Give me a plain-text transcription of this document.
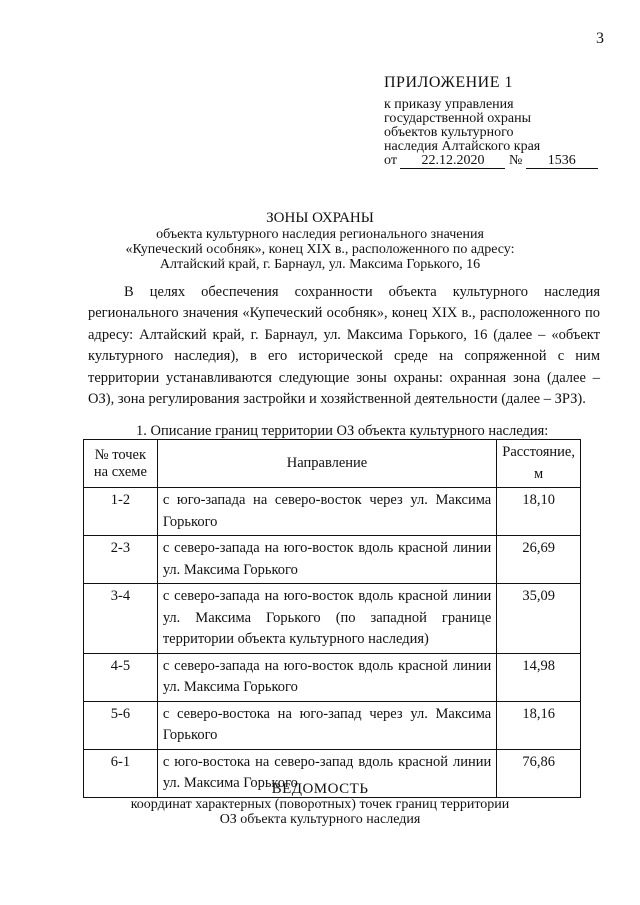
3
ПРИЛОЖЕНИЕ 1
к приказу управления
государственной охраны
объектов культурного
наследия Алтайского края
от 22.12.2020 № 1536
ЗОНЫ ОХРАНЫ
объекта культурного наследия регионального значения
«Купеческий особняк», конец XIX в., расположенного по адресу:
Алтайский край, г. Барнаул, ул. Максима Горького, 16
В целях обеспечения сохранности объекта культурного наследия регионального значения «Купеческий особняк», конец XIX в., расположенного по адресу: Алтайский край, г. Барнаул, ул. Максима Горького, 16 (далее – «объект культурного наследия), в его исторической среде на сопряженной с ним территории устанавливаются следующие зоны охраны: охранная зона (далее – ОЗ), зона регулирования застройки и хозяйственной деятельности (далее – ЗРЗ).
1. Описание границ территории ОЗ объекта культурного наследия:
№ точек на схеме	Направление	Расстояние, м
1-2	с юго-запада на северо-восток через ул. Максима Горького	18,10
2-3	с северо-запада на юго-восток вдоль красной линии ул. Максима Горького	26,69
3-4	с северо-запада на юго-восток вдоль красной линии ул. Максима Горького (по западной границе территории объекта культурного наследия)	35,09
4-5	с северо-запада на юго-восток вдоль красной линии ул. Максима Горького	14,98
5-6	с северо-востока на юго-запад через ул. Максима Горького	18,16
6-1	с юго-востока на северо-запад вдоль красной линии ул. Максима Горького	76,86
ВЕДОМОСТЬ
координат характерных (поворотных) точек границ территории
ОЗ объекта культурного наследия
